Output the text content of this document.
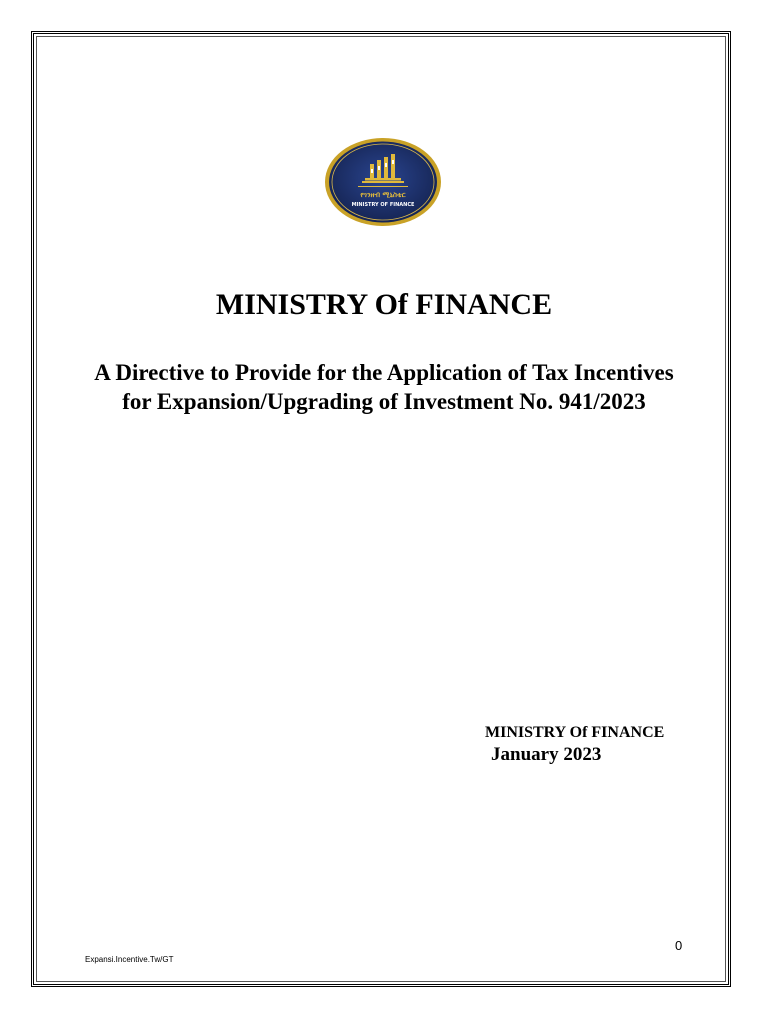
የገንዘብ ሚኒስቴር
MINISTRY OF FINANCE
MINISTRY Of FINANCE
A Directive to Provide for the Application of Tax Incentives for Expansion/Upgrading of Investment No. 941/2023
MINISTRY Of FINANCE
January 2023
0
Expansi.Incentive.Tw/GT
